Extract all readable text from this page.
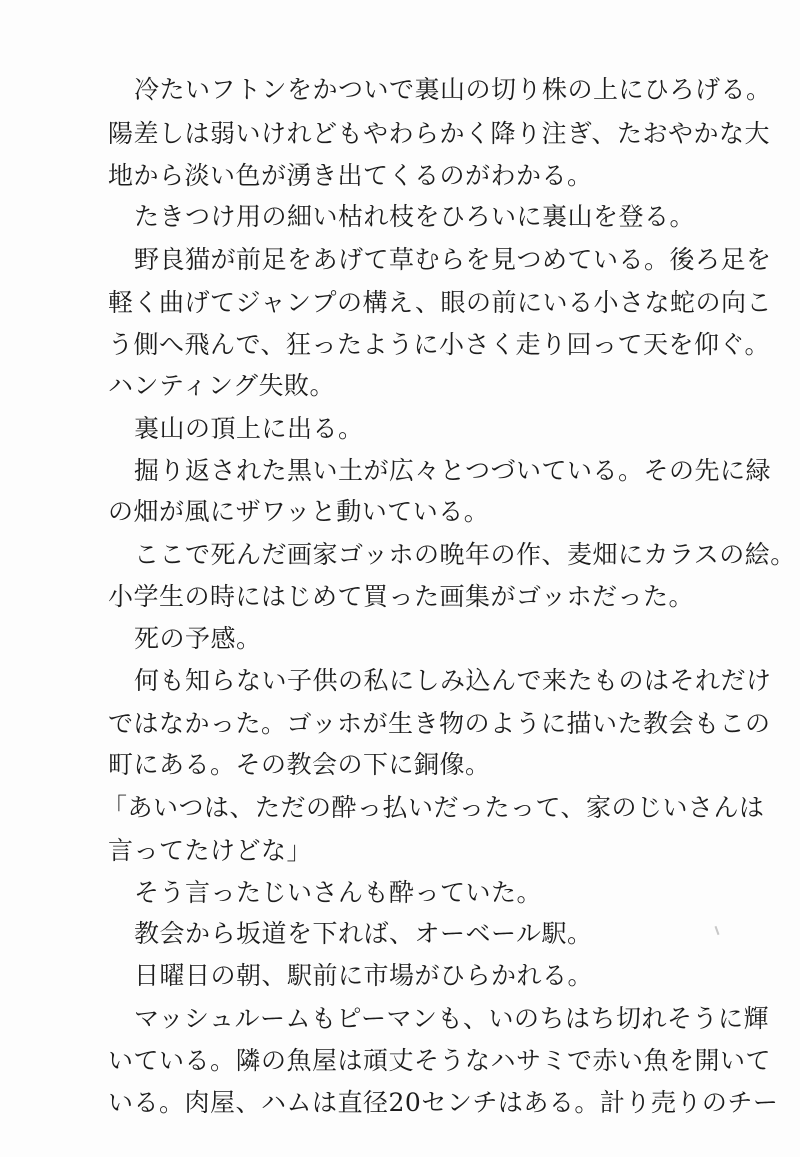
冷たいフトンをかついで裏山の切り株の上にひろげる。
陽差しは弱いけれどもやわらかく降り注ぎ、たおやかな大
地から淡い色が湧き出てくるのがわかる。
たきつけ用の細い枯れ枝をひろいに裏山を登る。
野良猫が前足をあげて草むらを見つめている。後ろ足を
軽く曲げてジャンプの構え、眼の前にいる小さな蛇の向こ
う側へ飛んで、狂ったように小さく走り回って天を仰ぐ。
ハンティング失敗。
裏山の頂上に出る。
掘り返された黒い土が広々とつづいている。その先に緑
の畑が風にザワッと動いている。
ここで死んだ画家ゴッホの晩年の作、麦畑にカラスの絵。
小学生の時にはじめて買った画集がゴッホだった。
死の予感。
何も知らない子供の私にしみ込んで来たものはそれだけ
ではなかった。ゴッホが生き物のように描いた教会もこの
町にある。その教会の下に銅像。
「あいつは、ただの酔っ払いだったって、家のじいさんは
言ってたけどな」
そう言ったじいさんも酔っていた。
教会から坂道を下れば、オーベール駅。
日曜日の朝、駅前に市場がひらかれる。
マッシュルームもピーマンも、いのちはち切れそうに輝
いている。隣の魚屋は頑丈そうなハサミで赤い魚を開いて
いる。肉屋、ハムは直径20センチはある。計り売りのチー
